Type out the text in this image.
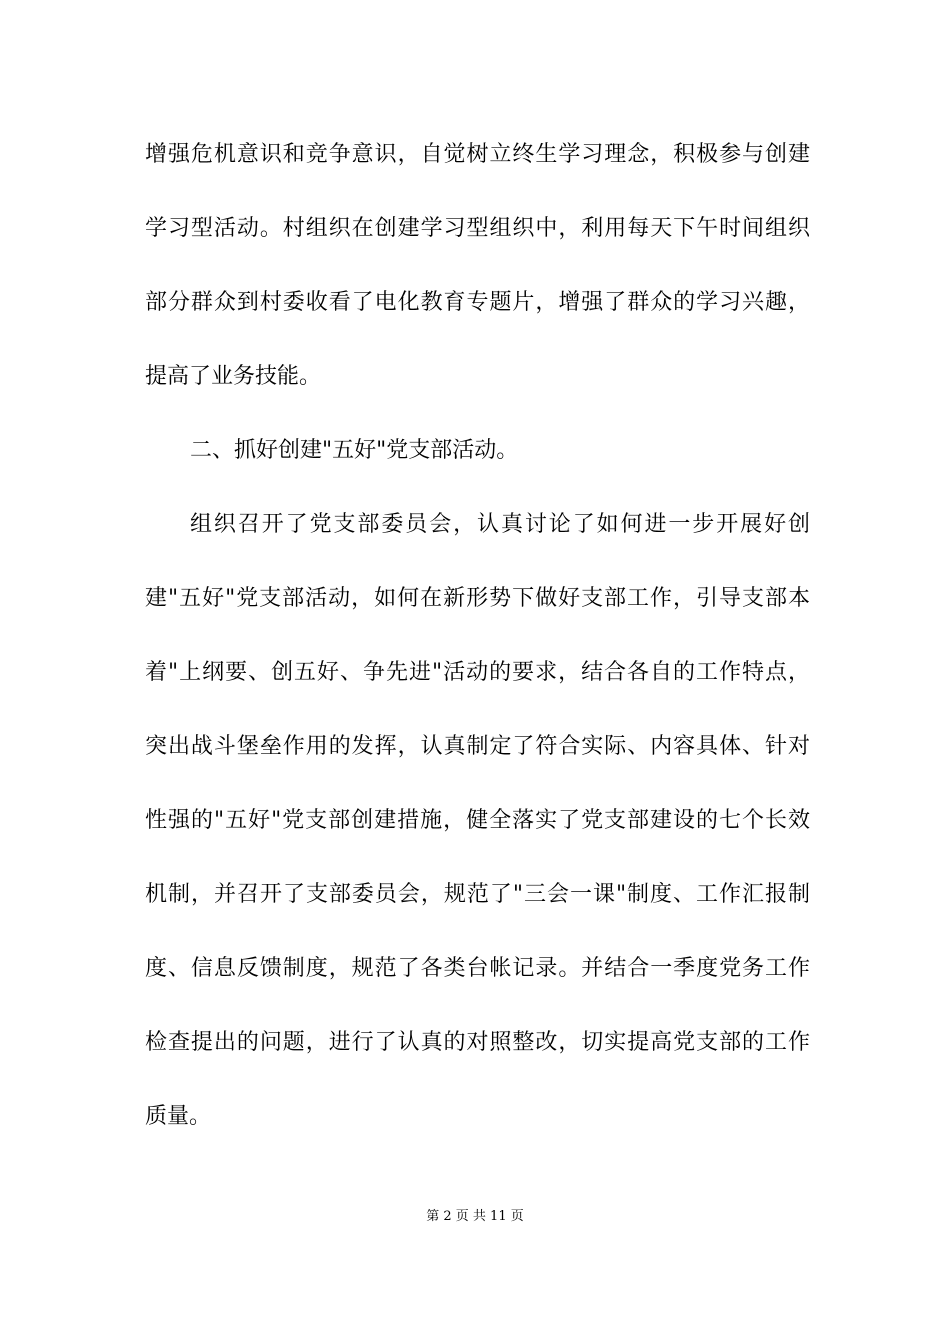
增强危机意识和竞争意识，自觉树立终生学习理念，积极参与创建
学习型活动。村组织在创建学习型组织中，利用每天下午时间组织
部分群众到村委收看了电化教育专题片，增强了群众的学习兴趣，
提高了业务技能。
二、抓好创建"五好"党支部活动。
组织召开了党支部委员会，认真讨论了如何进一步开展好创
建"五好"党支部活动，如何在新形势下做好支部工作，引导支部本
着"上纲要、创五好、争先进"活动的要求，结合各自的工作特点，
突出战斗堡垒作用的发挥，认真制定了符合实际、内容具体、针对
性强的"五好"党支部创建措施，健全落实了党支部建设的七个长效
机制，并召开了支部委员会，规范了"三会一课"制度、工作汇报制
度、信息反馈制度，规范了各类台帐记录。并结合一季度党务工作
检查提出的问题，进行了认真的对照整改，切实提高党支部的工作
质量。
第 2 页 共 11 页
